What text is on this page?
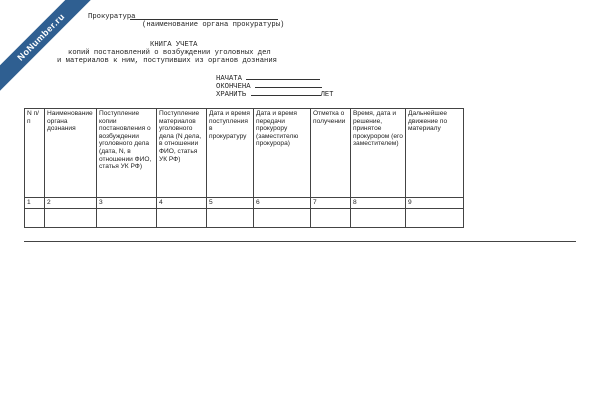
NoNumber.ru	Прокуратура
(наименование органа прокуратуры)
КНИГА УЧЕТА
копий постановлений о возбуждении уголовных дел
и материалов к ним, поступивших из органов дознания
НАЧАТА
ОКОНЧЕНА
ХРАНИТЬ	ЛЕТ
N п/п	Наименование органа дознания	Поступление копии постановления о возбуждении уголовного дела (дата, N, в отношении ФИО, статья УК РФ)	Поступление материалов уголовного дела (N дела, в отношении ФИО, статья УК РФ)	Дата и время поступления в прокуратуру	Дата и время передачи прокурору (заместителю прокурора)	Отметка о получении	Время, дата и решение, принятое прокурором (его заместителем)	Дальнейшее движение по материалу
1	2	3	4	5	6	7	8	9
